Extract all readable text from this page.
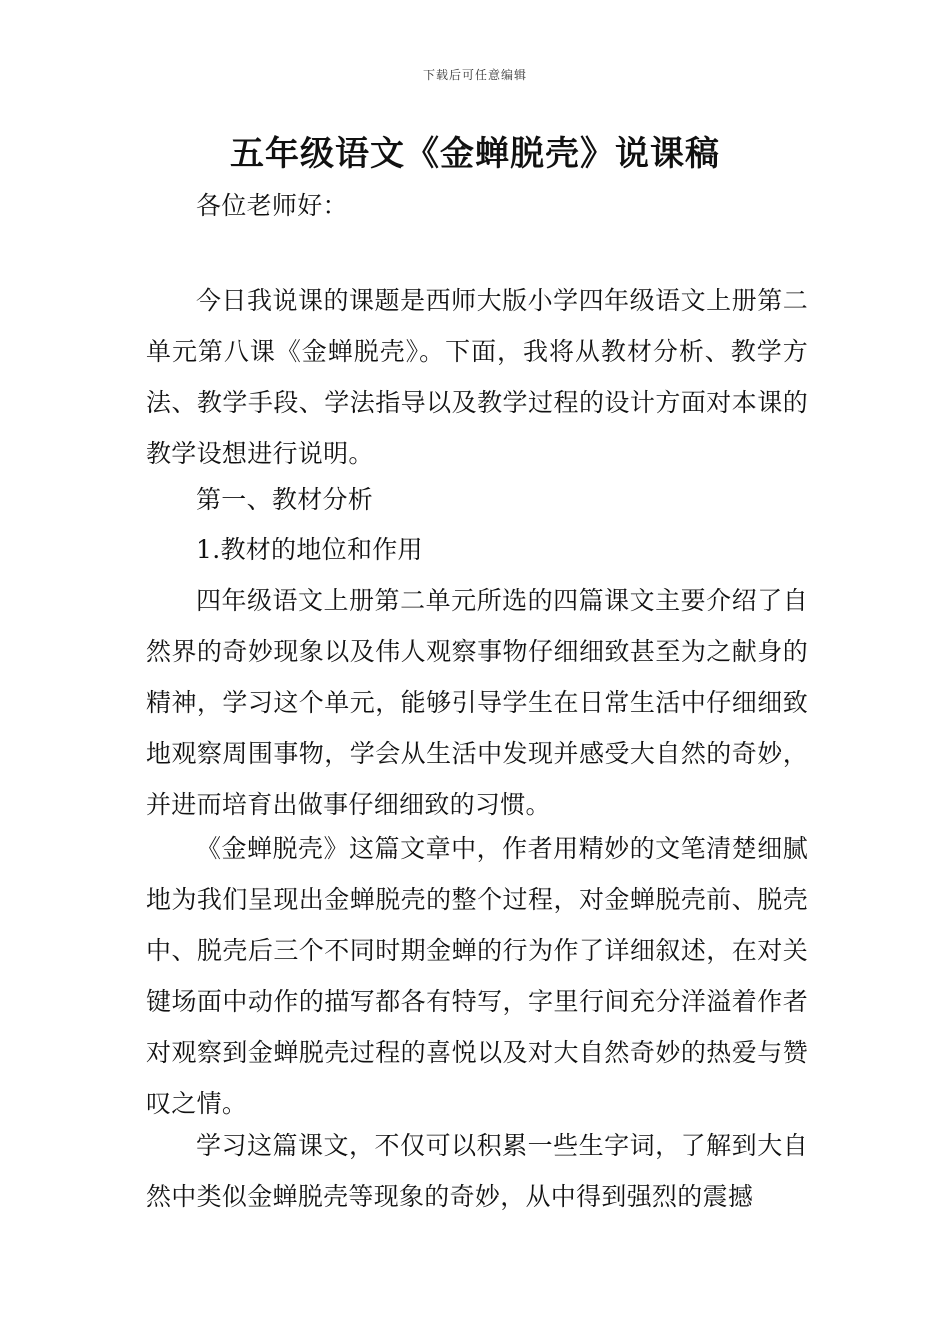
下载后可任意编辑
五年级语文《金蝉脱壳》说课稿

各位老师好：

今日我说课的课题是西师大版小学四年级语文上册第二单元第八课《金蝉脱壳》。下面，我将从教材分析、教学方法、教学手段、学法指导以及教学过程的设计方面对本课的教学设想进行说明。

第一、教材分析

1.教材的地位和作用

四年级语文上册第二单元所选的四篇课文主要介绍了自然界的奇妙现象以及伟人观察事物仔细细致甚至为之献身的精神，学习这个单元，能够引导学生在日常生活中仔细细致地观察周围事物，学会从生活中发现并感受大自然的奇妙，并进而培育出做事仔细细致的习惯。

《金蝉脱壳》这篇文章中，作者用精妙的文笔清楚细腻地为我们呈现出金蝉脱壳的整个过程，对金蝉脱壳前、脱壳中、脱壳后三个不同时期金蝉的行为作了详细叙述，在对关键场面中动作的描写都各有特写，字里行间充分洋溢着作者对观察到金蝉脱壳过程的喜悦以及对大自然奇妙的热爱与赞叹之情。

学习这篇课文，不仅可以积累一些生字词，了解到大自然中类似金蝉脱壳等现象的奇妙，从中得到强烈的震撼
